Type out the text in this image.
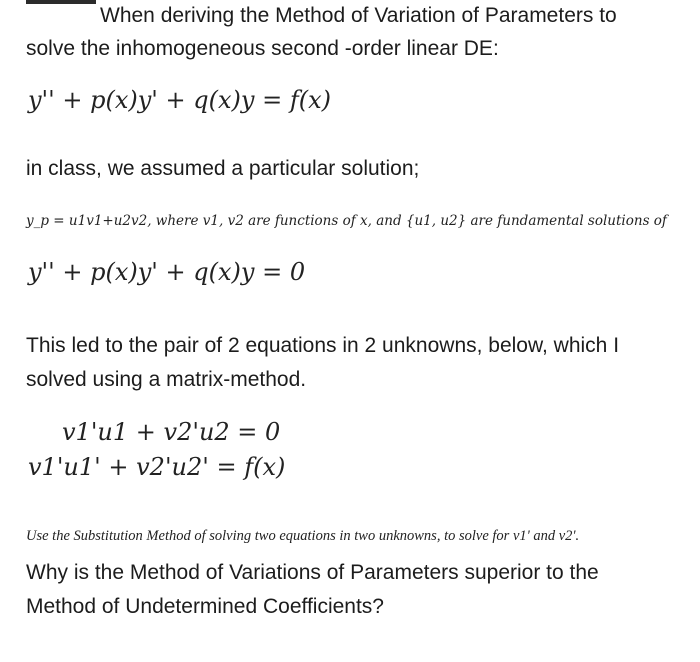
When deriving the Method of Variation of Parameters to

solve the inhomogeneous second -order linear DE:

y'' + p(x)y' + q(x)y = f(x)

in class, we assumed a particular solution;

y_p = u1v1+u2v2, where v1, v2 are functions of x, and {u1, u2} are fundamental solutions of
y'' + p(x)y' + q(x)y = 0

This led to the pair of 2 equations in 2 unknowns, below, which I

solved using a matrix-method.

v1'u1 + v2'u2 = 0
v1'u1' + v2'u2' = f(x)

Use the Substitution Method of solving two equations in two unknowns, to solve for v1' and v2'.

Why is the Method of Variations of Parameters superior to the

Method of Undetermined Coefficients?
